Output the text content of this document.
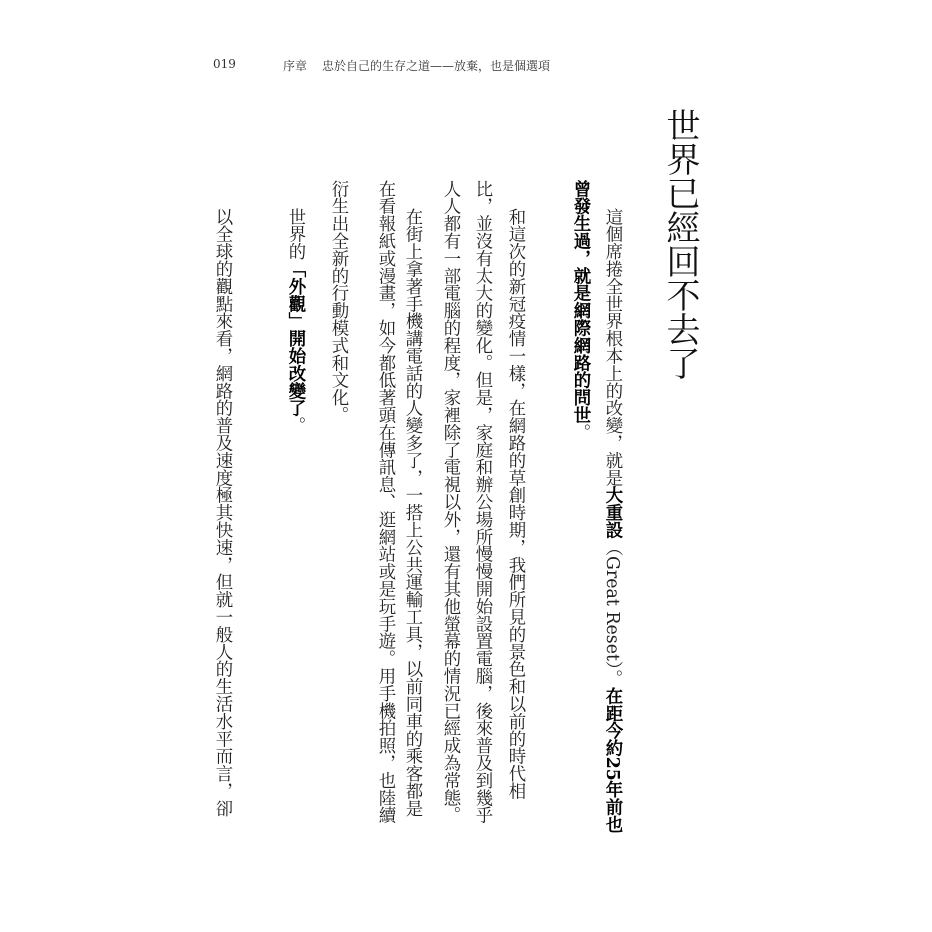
019	序章 忠於自己的生存之道——放棄，也是個選項
世界已經回不去了
這個席捲全世界根本上的改變，就是大重設（Great Reset）。在距今約25年前也
曾發生過，就是網際網路的問世。
和這次的新冠疫情一樣，在網路的草創時期，我們所見的景色和以前的時代相
比，並沒有太大的變化。但是，家庭和辦公場所慢慢開始設置電腦，後來普及到幾乎
人人都有一部電腦的程度，家裡除了電視以外，還有其他螢幕的情況已經成為常態。
在街上拿著手機講電話的人變多了，一搭上公共運輸工具，以前同車的乘客都是
在看報紙或漫畫，如今都低著頭在傳訊息、逛網站或是玩手遊。用手機拍照，也陸續
衍生出全新的行動模式和文化。
世界的「外觀」開始改變了。
以全球的觀點來看，網路的普及速度極其快速，但就一般人的生活水平而言，卻
